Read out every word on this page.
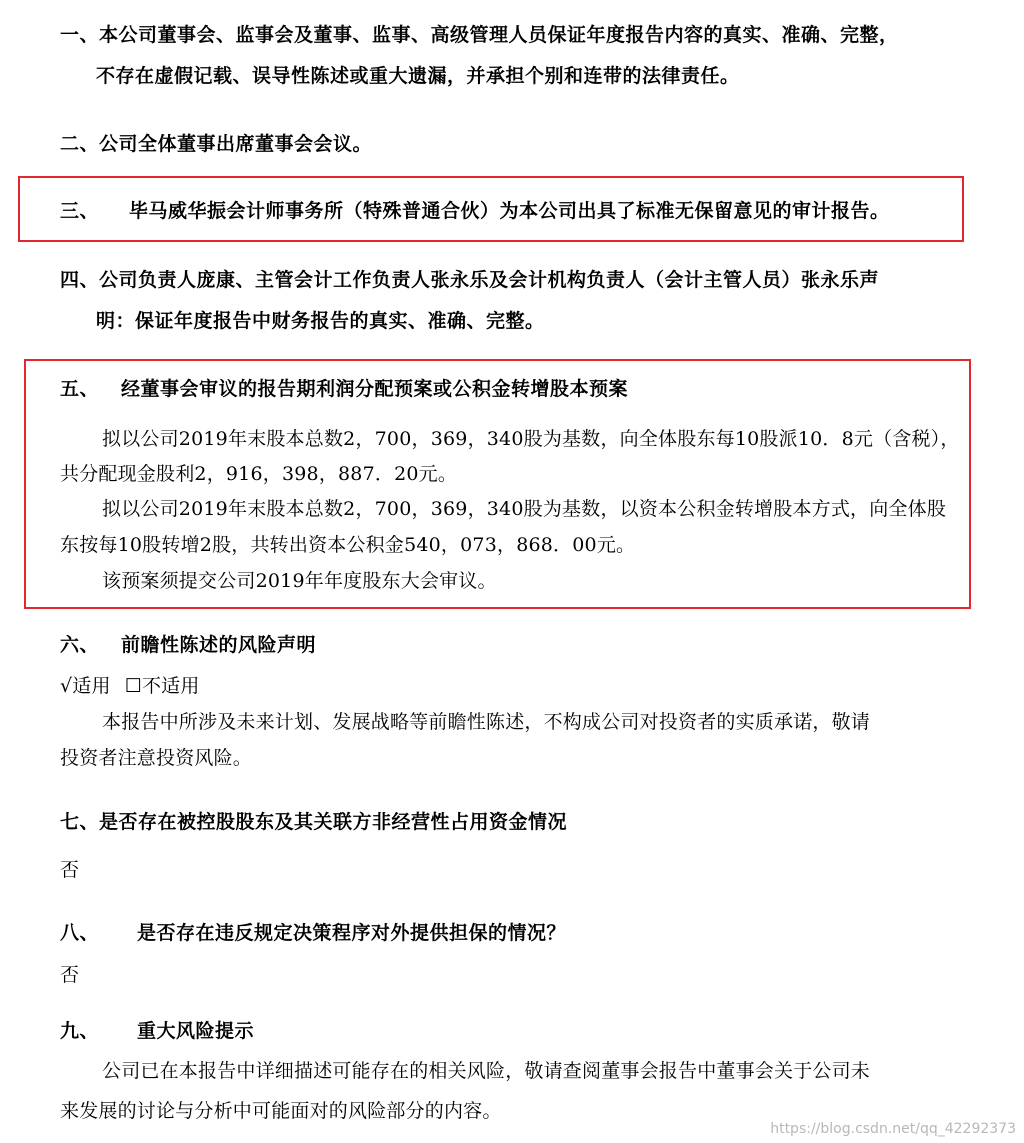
一、本公司董事会、监事会及董事、监事、高级管理人员保证年度报告内容的真实、准确、完整，
不存在虚假记载、误导性陈述或重大遗漏，并承担个别和连带的法律责任。
二、公司全体董事出席董事会会议。
三、 毕马威华振会计师事务所（特殊普通合伙）为本公司出具了标准无保留意见的审计报告。
四、公司负责人庞康、主管会计工作负责人张永乐及会计机构负责人（会计主管人员）张永乐声
明：保证年度报告中财务报告的真实、准确、完整。
五、 经董事会审议的报告期利润分配预案或公积金转增股本预案
拟以公司2019年末股本总数2，700，369，340股为基数，向全体股东每10股派10．8元（含税），
共分配现金股利2，916，398，887．20元。
拟以公司2019年末股本总数2，700，369，340股为基数，以资本公积金转增股本方式，向全体股
东按每10股转增2股，共转出资本公积金540，073，868．00元。
该预案须提交公司2019年年度股东大会审议。
六、 前瞻性陈述的风险声明
√适用 ☐不适用
本报告中所涉及未来计划、发展战略等前瞻性陈述，不构成公司对投资者的实质承诺，敬请
投资者注意投资风险。
七、是否存在被控股股东及其关联方非经营性占用资金情况
否
八、 是否存在违反规定决策程序对外提供担保的情况？
否
九、 重大风险提示
公司已在本报告中详细描述可能存在的相关风险，敬请查阅董事会报告中董事会关于公司未
来发展的讨论与分析中可能面对的风险部分的内容。
https://blog.csdn.net/qq_42292373
